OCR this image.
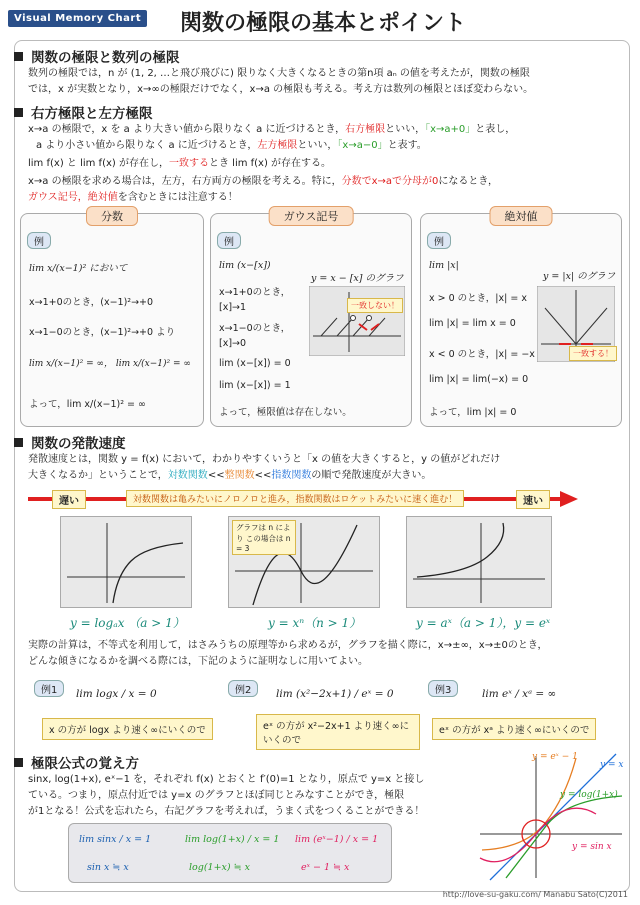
Visual Memory Chart 関数の極限の基本とポイント
関数の極限と数列の極限
数列の極限では，n が (1, 2, …と飛び飛びに) 限りなく大きくなるときの第n項 aₙ の値を考えたが，関数の極限
では，x が実数となり，x→∞の極限だけでなく，x→a の極限も考える。考え方は数列の極限とほぼ変わらない。
右方極限と左方極限
x→a の極限で，x を a より大きい値から限りなく a に近づけるとき，右方極限といい，「x→a+0」と表し，
a より小さい値から限りなく a に近づけるとき，左方極限といい，「x→a−0」と表す。
lim f(x) と lim f(x) が存在し，一致するとき lim f(x) が存在する。
x→a の極限を求める場合は，左方，右方両方の極限を考える。特に，分数でx→aで分母が0になるとき，
ガウス記号，絶対値を含むときには注意する！
分数
例
lim x/(x−1)² において
x→1+0のとき，(x−1)²→+0
x→1−0のとき，(x−1)²→+0 より
lim x/(x−1)² = ∞， lim x/(x−1)² = ∞
よって，lim x/(x−1)² = ∞
ガウス記号
例
lim (x−[x])
x→1+0のとき，
[x]→1
x→1−0のとき，
[x]→0
lim (x−[x]) = 0
lim (x−[x]) = 1
よって，極限値は存在しない。
y = x − [x] のグラフ
一致しない！
絶対値
例
lim |x|
x > 0 のとき，|x| = x
lim |x| = lim x = 0
x < 0 のとき，|x| = −x
lim |x| = lim(−x) = 0
よって，lim |x| = 0
y = |x| のグラフ
一致する！
関数の発散速度
発散速度とは，関数 y = f(x) において，わかりやすくいうと「x の値を大きくすると，y の値がどれだけ
大きくなるか」ということで，対数関数<<整関数<<指数関数の順で発散速度が大きい。
遅い	対数関数は亀みたいにノロノロと進み，指数関数はロケットみたいに速く進む！	速い
y = logₐx （a > 1）
グラフは n により この場合は n = 3
y = xⁿ（n > 1）	y = aˣ（a > 1），y = eˣ
実際の計算は，不等式を利用して，はさみうちの原理等から求めるが，グラフを描く際に，x→±∞，x→±0のとき，
どんな傾きになるかを調べる際には，下記のように証明なしに用いてよい。
例1	lim logx / x = 0
x の方が logx より速く∞にいくので
例2	lim (x²−2x+1) / eˣ = 0
eˣ の方が x²−2x+1 より速く∞にいくので
例3	lim eˣ / xᵃ = ∞
eˣ の方が xᵃ より速く∞にいくので
極限公式の覚え方
sinx, log(1+x), eˣ−1 を，それぞれ f(x) とおくと f′(0)=1 となり，原点で y=x と接し
ている。つまり，原点付近では y=x のグラフとほぼ同じとみなすことができ，極限
が1となる！公式を忘れたら，右記グラフを考えれば，うまく式をつくることができる！
lim sinx / x = 1	lim log(1+x) / x = 1 lim (eˣ−1) / x = 1
sin x ≒ x	log(1+x) ≒ x	eˣ − 1 ≒ x
y = eˣ − 1
y = x
y = log(1+x)
y = sin x
http://love-su-gaku.com/ Manabu Sato(C)2011
